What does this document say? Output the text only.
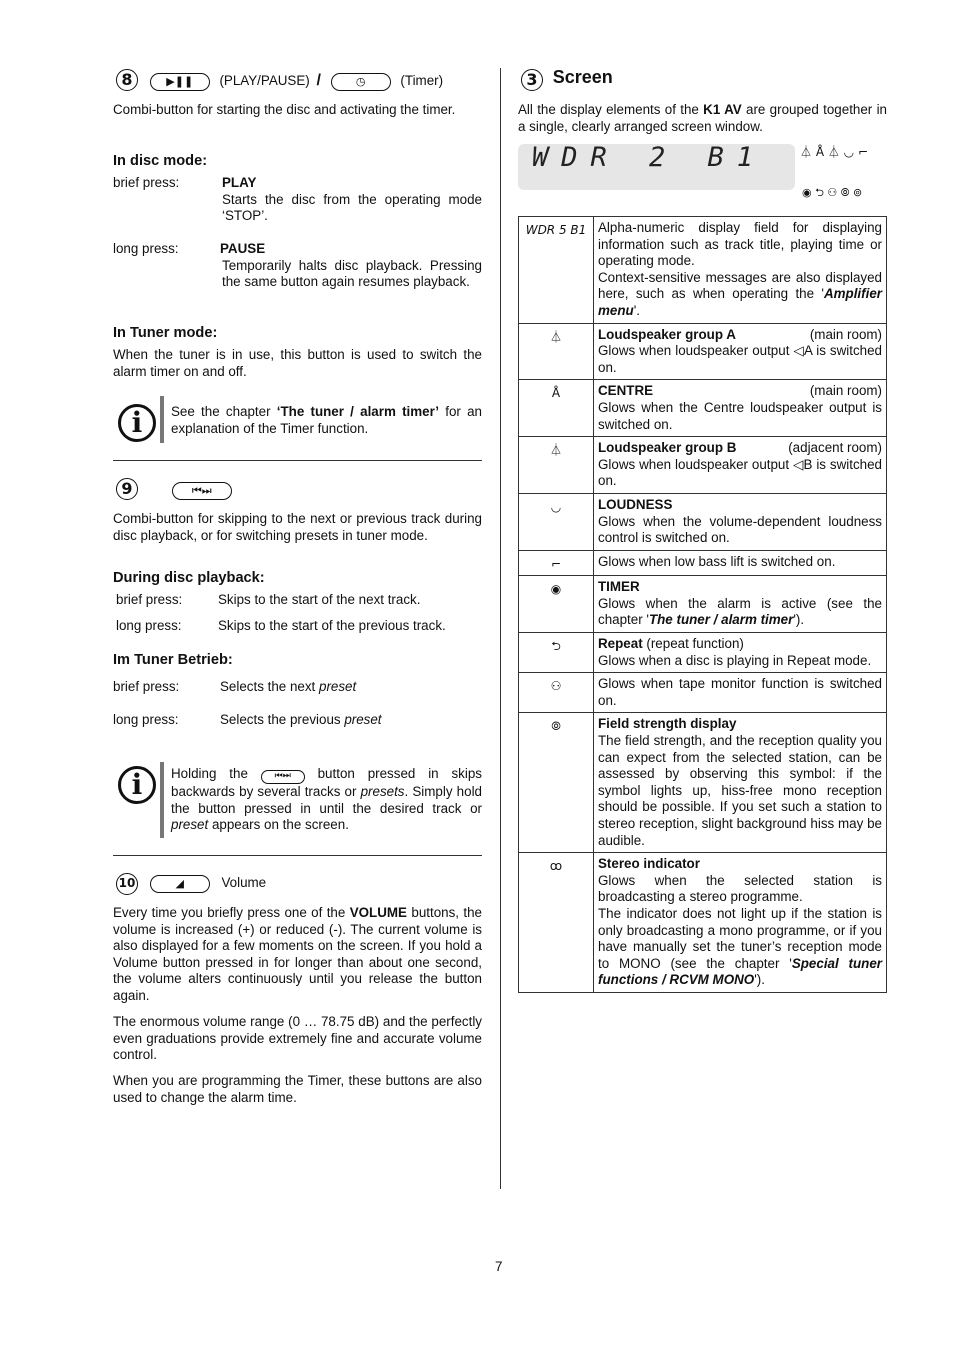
8	▶❚❚ (PLAY/PAUSE) /	◷	(Timer)

Combi-button for starting the disc and activating the timer.

In disc mode:
brief press:	PLAY
Starts the disc from the operating mode ‘STOP’.
long press:	PAUSE
Temporarily halts disc playback. Pressing the same button again resumes playback.
In Tuner mode:

When the tuner is in use, this button is used to switch the alarm timer on and off.

i	See the chapter ‘The tuner / alarm timer’ for an explanation of the Timer function.
9	⏮⏭

Combi-button for skipping to the next or previous track during disc playback, or for switching presets in tuner mode.

During disc playback:
brief press:	Skips to the start of the next track.
long press:	Skips to the start of the previous track.
Im Tuner Betrieb:
brief press:	Selects the next preset
long press:	Selects the previous preset
i	Holding the ⏮⏭ button pressed in skips backwards by several tracks or presets. Simply hold the button pressed in until the desired track or preset appears on the screen.
10	◢	Volume

Every time you briefly press one of the VOLUME buttons, the volume is increased (+) or reduced (-). The current volume is also displayed for a few moments on the screen. If you hold a Volume button pressed in for longer than about one second, the volume alters continuously until you release the button again.

The enormous volume range (0 … 78.75 dB) and the perfectly even graduations provide extremely fine and accurate volume control.

When you are programming the Timer, these buttons are also used to change the alarm time.

3 Screen

All the display elements of the K1 AV are grouped together in a single, clearly arranged screen window.

WDR 2 B1	⏃ Å ⏃ ◡ ⌐
◉ ⮌ ⚇ ⦾ ⊚
WDR 5 B1	Alpha-numeric display field for displaying information such as track title, playing time or operating mode.
Context-sensitive messages are also displayed here, such as when operating the 'Amplifier menu'.

⏃	Loudspeaker group A (main room)
Glows when loudspeaker output ◁A is switched on.

Å	CENTRE (main room)
Glows when the Centre loudspeaker output is switched on.

⏃	Loudspeaker group B (adjacent room)
Glows when loudspeaker output ◁B is switched on.

◡	LOUDNESS
Glows when the volume-dependent loudness control is switched on.

⌐	Glows when low bass lift is switched on.

◉	TIMER
Glows when the alarm is active (see the chapter 'The tuner / alarm timer').

⮌	Repeat (repeat function)
Glows when a disc is playing in Repeat mode.

⚇	Glows when tape monitor function is switched on.

⦾	Field strength display
The field strength, and the reception quality you can expect from the selected station, can be assessed by observing this symbol: if the symbol lights up, hiss-free mono reception should be possible. If you set such a station to stereo reception, slight background hiss may be audible.

ꝏ	Stereo indicator
Glows when the selected station is broadcasting a stereo programme.
The indicator does not light up if the station is only broadcasting a mono programme, or if you have manually set the tuner’s reception mode to MONO (see the chapter 'Special tuner functions / RCVM MONO').
7
